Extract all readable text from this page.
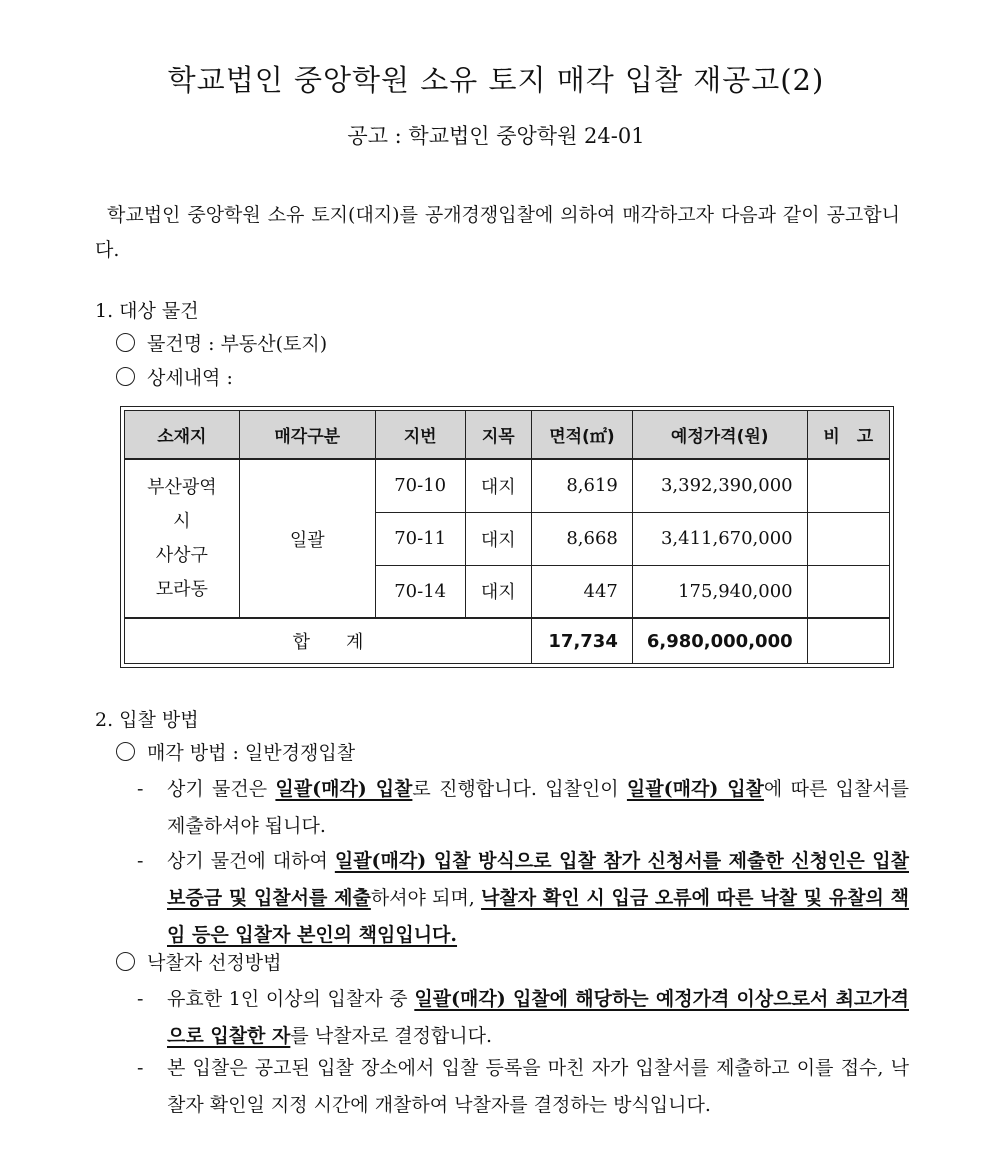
학교법인 중앙학원 소유 토지 매각 입찰 재공고(2)
공고 : 학교법인 중앙학원 24-01
학교법인 중앙학원 소유 토지(대지)를 공개경쟁입찰에 의하여 매각하고자 다음과 같이 공고합니다.
1. 대상 물건
물건명 : 부동산(토지)
상세내역 :
소재지	매각구분	지번	지목	면적(㎡)	예정가격(원)	비　고

부산광역시
사상구
모라동	일괄	70-10	대지	8,619	3,392,390,000	
		70-11	대지	8,668	3,411,670,000	
		70-14	대지	447	175,940,000	
합　　계				17,734	6,980,000,000	
2. 입찰 방법
매각 방법 : 일반경쟁입찰
-	상기 물건은 일괄(매각) 입찰로 진행합니다. 입찰인이 일괄(매각) 입찰에 따른 입찰서를 제출하셔야 됩니다.
-	상기 물건에 대하여 일괄(매각) 입찰 방식으로 입찰 참가 신청서를 제출한 신청인은 입찰보증금 및 입찰서를 제출하셔야 되며, 낙찰자 확인 시 입금 오류에 따른 낙찰 및 유찰의 책임 등은 입찰자 본인의 책임입니다.
낙찰자 선정방법
-	유효한 1인 이상의 입찰자 중 일괄(매각) 입찰에 해당하는 예정가격 이상으로서 최고가격으로 입찰한 자를 낙찰자로 결정합니다.
-	본 입찰은 공고된 입찰 장소에서 입찰 등록을 마친 자가 입찰서를 제출하고 이를 접수, 낙찰자 확인일 지정 시간에 개찰하여 낙찰자를 결정하는 방식입니다.
